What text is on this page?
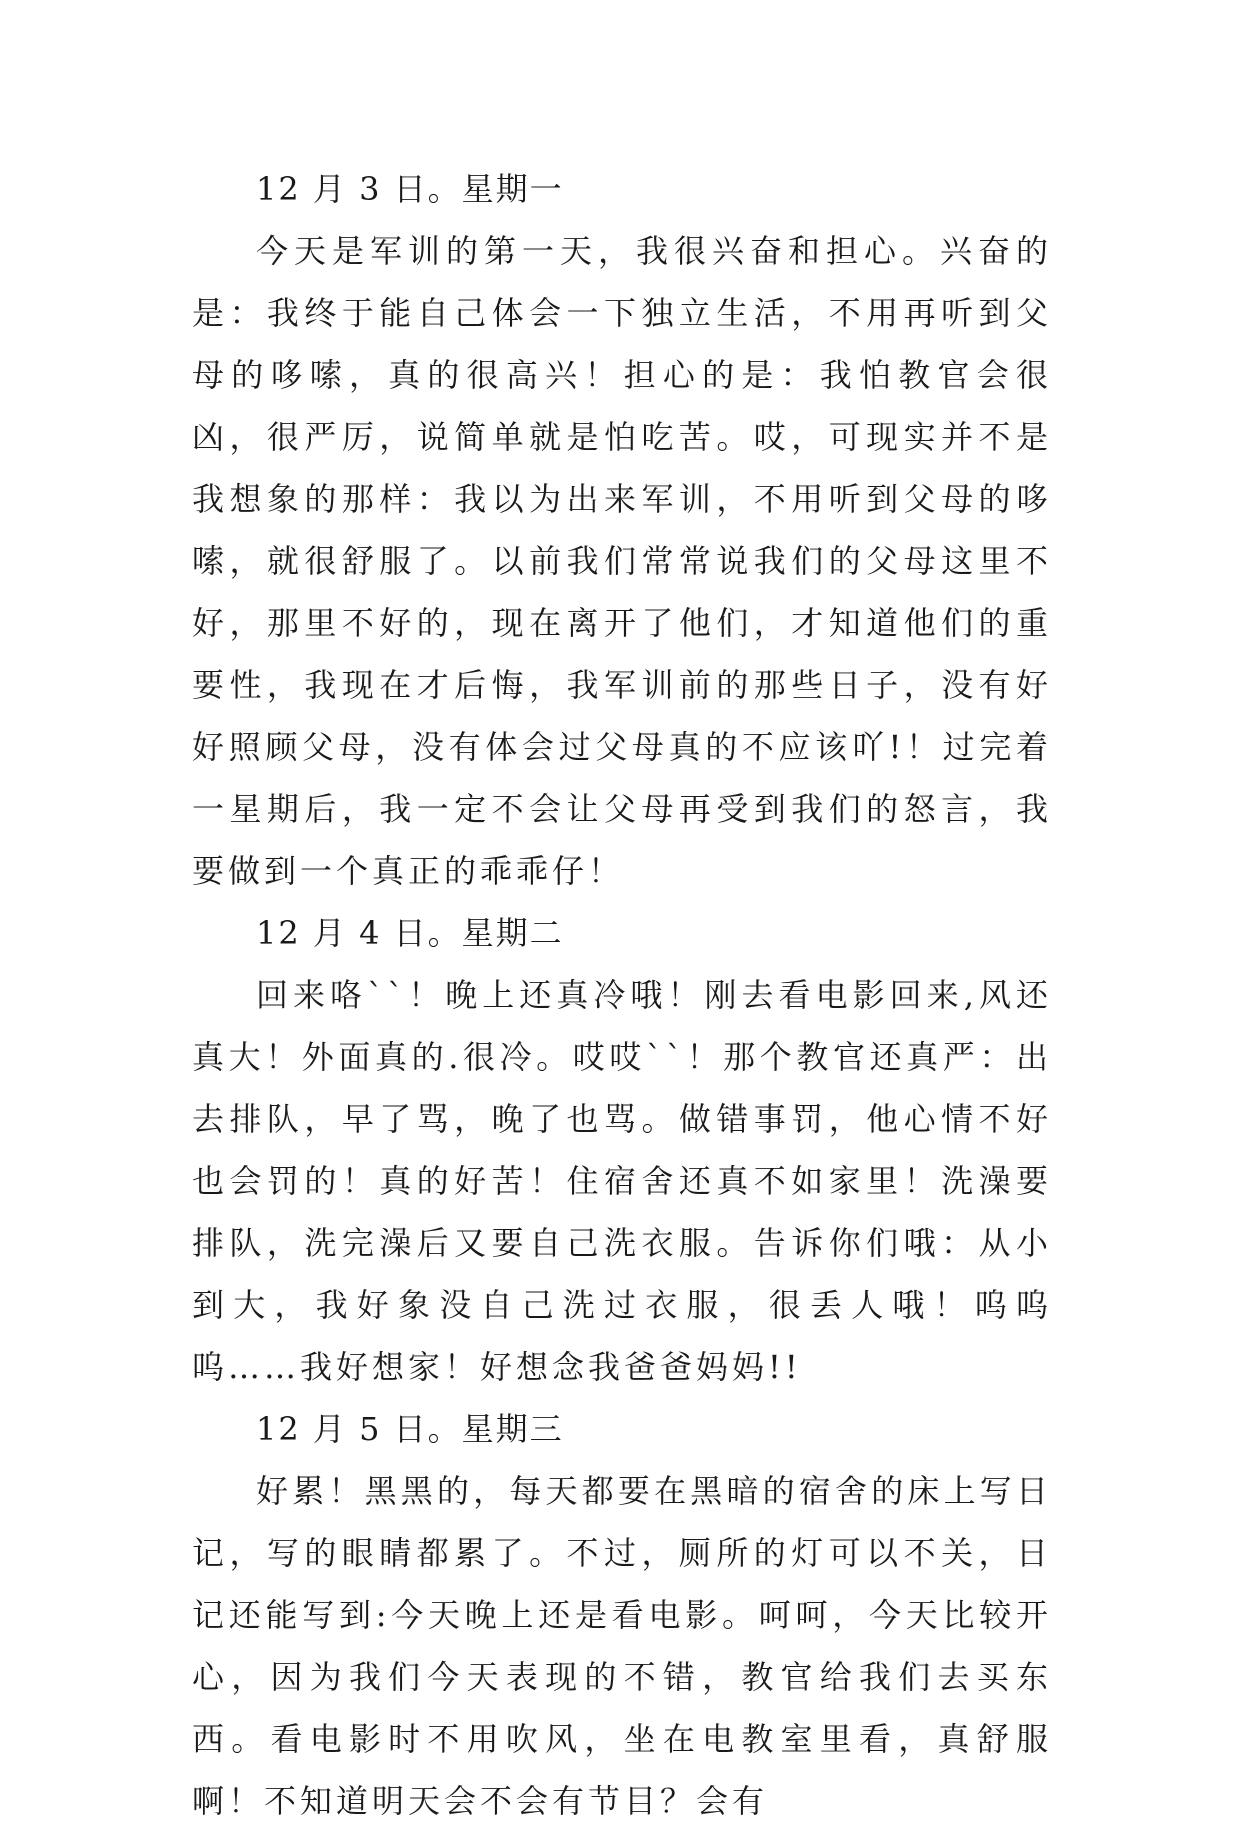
12 月 3 日。星期一

今天是军训的第一天，我很兴奋和担心。兴奋的是：我终于能自己体会一下独立生活，不用再听到父母的哆嗦，真的很高兴！担心的是：我怕教官会很凶，很严厉，说简单就是怕吃苦。哎，可现实并不是我想象的那样：我以为出来军训，不用听到父母的哆嗦，就很舒服了。以前我们常常说我们的父母这里不好，那里不好的，现在离开了他们，才知道他们的重要性，我现在才后悔，我军训前的那些日子，没有好好照顾父母，没有体会过父母真的不应该吖!！过完着一星期后，我一定不会让父母再受到我们的怒言，我要做到一个真正的乖乖仔！

12 月 4 日。星期二

回来咯``！晚上还真冷哦！刚去看电影回来,风还真大！外面真的.很冷。哎哎``！那个教官还真严：出去排队，早了骂，晚了也骂。做错事罚，他心情不好也会罚的！真的好苦！住宿舍还真不如家里！洗澡要排队，洗完澡后又要自己洗衣服。告诉你们哦：从小到大，我好象没自己洗过衣服，很丢人哦！呜呜呜……我好想家！好想念我爸爸妈妈!!

12 月 5 日。星期三

好累！黑黑的，每天都要在黑暗的宿舍的床上写日记，写的眼睛都累了。不过，厕所的灯可以不关，日记还能写到:今天晚上还是看电影。呵呵，今天比较开心，因为我们今天表现的不错，教官给我们去买东西。看电影时不用吹风，坐在电教室里看，真舒服啊！不知道明天会不会有节目？会有
